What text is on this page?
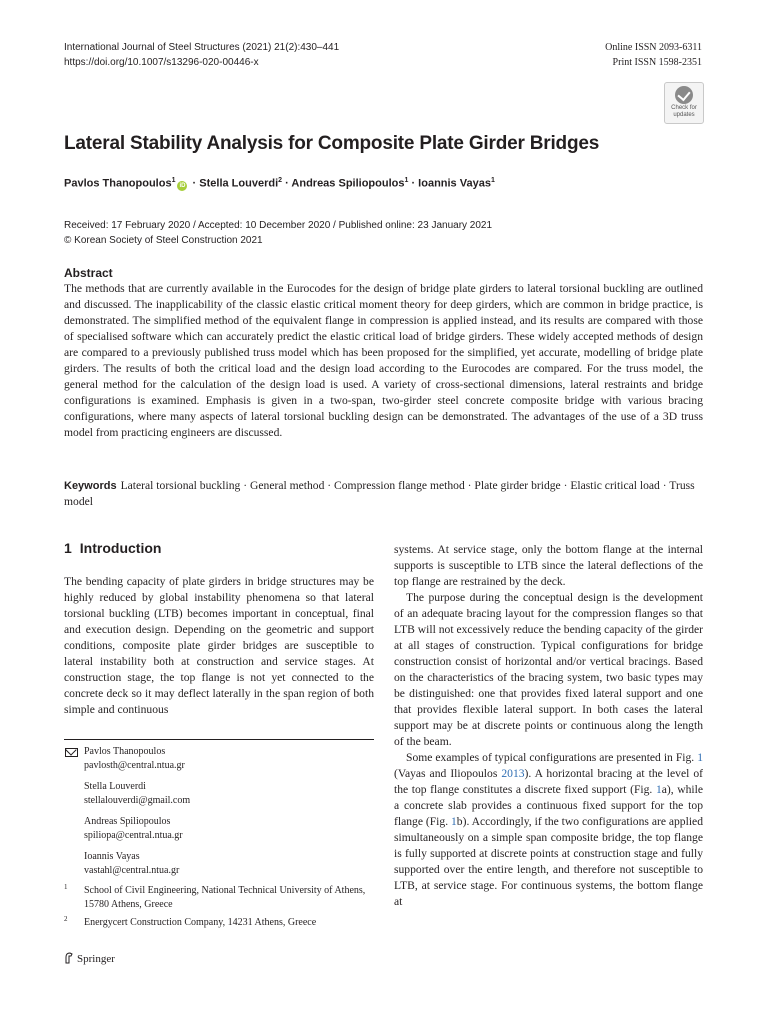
International Journal of Steel Structures (2021) 21(2):430–441
https://doi.org/10.1007/s13296-020-00446-x
Online ISSN 2093-6311
Print ISSN 1598-2351
Check for updates
Lateral Stability Analysis for Composite Plate Girder Bridges
Pavlos Thanopoulos$^1$iD · Stella Louverdi$^2$ · Andreas Spiliopoulos$^1$ · Ioannis Vayas$^1$
Received: 17 February 2020 / Accepted: 10 December 2020 / Published online: 23 January 2021
© Korean Society of Steel Construction 2021
Abstract
The methods that are currently available in the Eurocodes for the design of bridge plate girders to lateral torsional buckling are outlined and discussed. The inapplicability of the classic elastic critical moment theory for deep girders, which are common in bridge practice, is demonstrated. The simplified method of the equivalent flange in compression is applied instead, and its results are compared with those of specialised software which can accurately predict the elastic critical load of bridge girders. These widely accepted methods of design are compared to a previously published truss model which has been proposed for the simplified, yet accurate, modelling of bridge plate girders. The results of both the critical load and the design load according to the Eurocodes are compared. For the truss model, the general method for the calculation of the design load is used. A variety of cross-sectional dimensions, lateral restraints and bridge configurations is examined. Emphasis is given in a two-span, two-girder steel concrete composite bridge with various bracing configurations, where many aspects of lateral torsional buckling design can be demonstrated. The advantages of the use of a 3D truss model from practicing engineers are discussed.
Keywords Lateral torsional buckling · General method · Compression flange method · Plate girder bridge · Elastic critical load · Truss model
1 Introduction

The bending capacity of plate girders in bridge structures may be highly reduced by global instability phenomena so that lateral torsional buckling (LTB) becomes important in conceptual, final and execution design. Depending on the geometric and support conditions, composite plate girder bridges are susceptible to lateral instability both at construction and service stages. At construction stage, the top flange is not yet connected to the concrete deck so it may deflect laterally in the span region of both simple and continuous

systems. At service stage, only the bottom flange at the internal supports is susceptible to LTB since the lateral deflections of the top flange are restrained by the deck.

The purpose during the conceptual design is the development of an adequate bracing layout for the compression flanges so that LTB will not excessively reduce the bending capacity of the girder at all stages of construction. Typical configurations for bridge construction consist of horizontal and/or vertical bracings. Based on the characteristics of the bracing system, two basic types may be distinguished: one that provides fixed lateral support and one that provides flexible lateral support. In both cases the lateral support may be at discrete points or continuous along the length of the beam.

Some examples of typical configurations are presented in Fig. 1 (Vayas and Iliopoulos 2013). A horizontal bracing at the level of the top flange constitutes a discrete fixed support (Fig. 1a), while a concrete slab provides a continuous fixed support for the top flange (Fig. 1b). Accordingly, if the two configurations are applied simultaneously on a simple span composite bridge, the top flange is fully supported at discrete points at construction stage and fully supported over the entire length, and therefore not susceptible to LTB, at service stage. For continuous systems, the bottom flange at

Pavlos Thanopoulos
pavlosth@central.ntua.gr
Stella Louverdi
stellalouverdi@gmail.com
Andreas Spiliopoulos
spiliopa@central.ntua.gr
Ioannis Vayas
vastahl@central.ntua.gr
1 School of Civil Engineering, National Technical University of Athens, 15780 Athens, Greece
2 Energycert Construction Company, 14231 Athens, Greece
Springer
